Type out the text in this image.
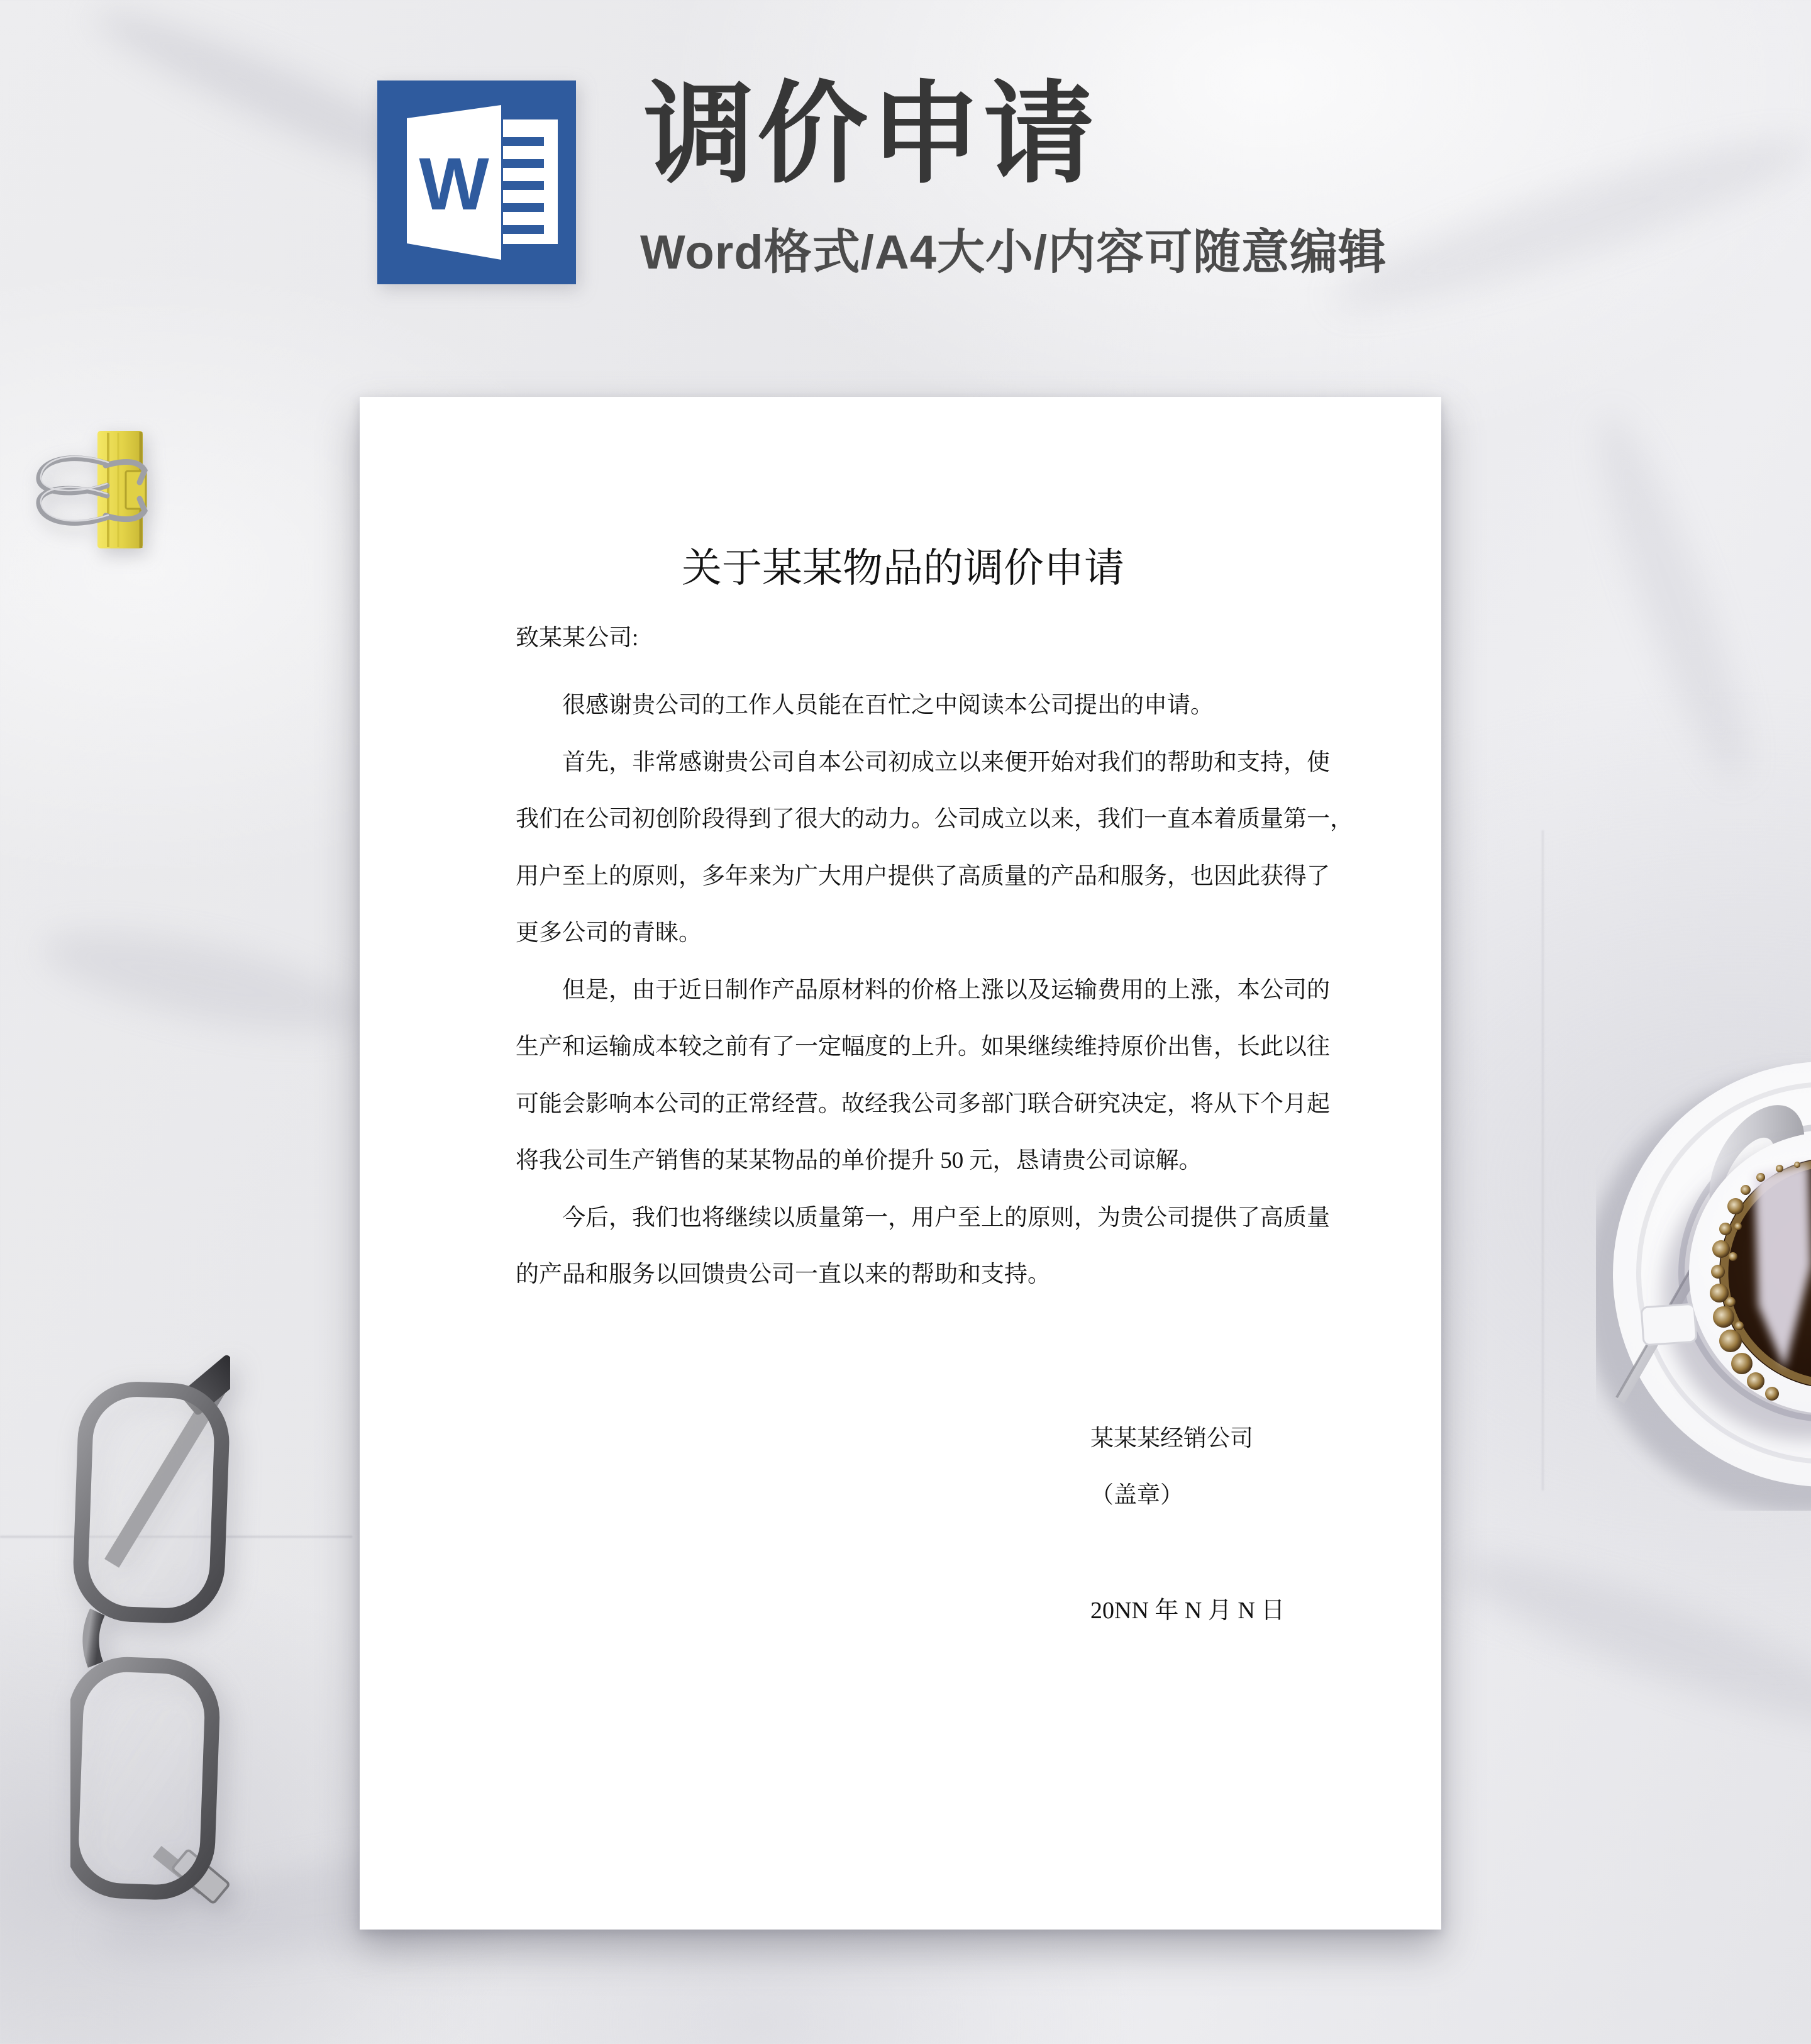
W 调价申请
Word格式/A4大小/内容可随意编辑
关于某某物品的调价申请
致某某公司:
很感谢贵公司的工作人员能在百忙之中阅读本公司提出的申请。
首先，非常感谢贵公司自本公司初成立以来便开始对我们的帮助和支持，使
我们在公司初创阶段得到了很大的动力。公司成立以来，我们一直本着质量第一，
用户至上的原则，多年来为广大用户提供了高质量的产品和服务，也因此获得了
更多公司的青睐。
但是，由于近日制作产品原材料的价格上涨以及运输费用的上涨，本公司的
生产和运输成本较之前有了一定幅度的上升。如果继续维持原价出售，长此以往
可能会影响本公司的正常经营。故经我公司多部门联合研究决定，将从下个月起
将我公司生产销售的某某物品的单价提升 50 元，恳请贵公司谅解。
今后，我们也将继续以质量第一，用户至上的原则，为贵公司提供了高质量
的产品和服务以回馈贵公司一直以来的帮助和支持。
某某某经销公司
（盖章）
20NN 年 N 月 N 日
